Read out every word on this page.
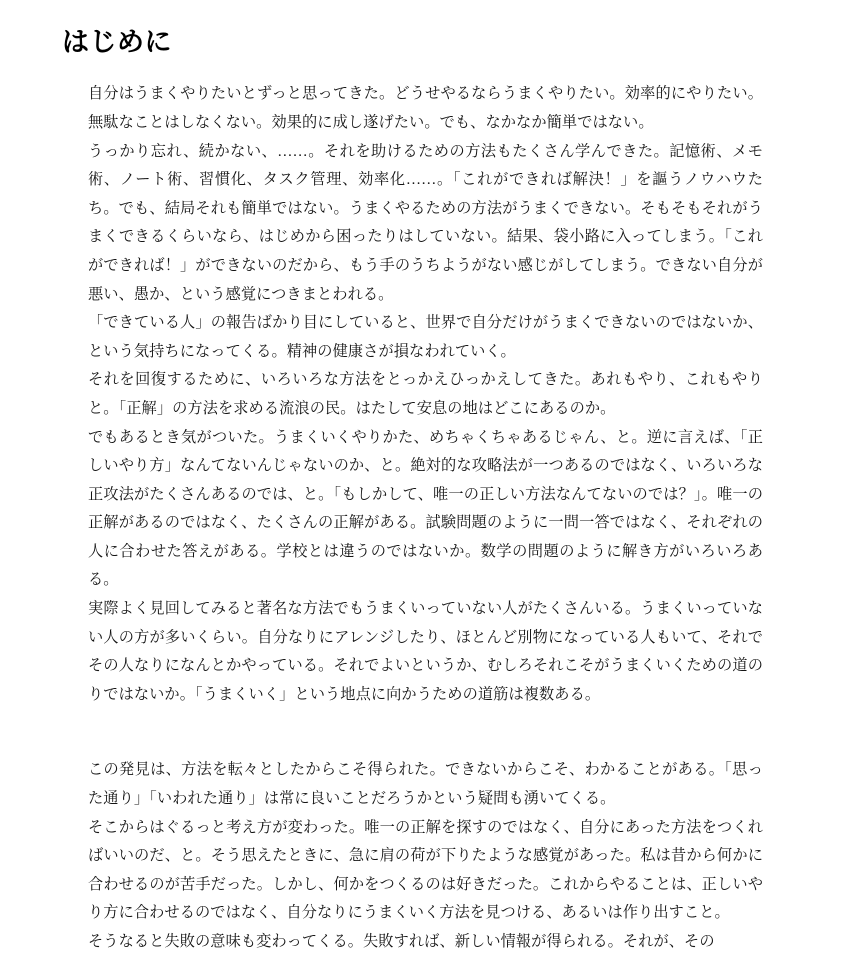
はじめに

自分はうまくやりたいとずっと思ってきた。どうせやるならうまくやりたい。効率的にやりたい。無駄なことはしなくない。効果的に成し遂げたい。でも、なかなか簡単ではない。

うっかり忘れ、続かない、……。それを助けるための方法もたくさん学んできた。記憶術、メモ術、ノート術、習慣化、タスク管理、効率化……。「これができれば解決！」を謳うノウハウたち。でも、結局それも簡単ではない。うまくやるための方法がうまくできない。そもそもそれがうまくできるくらいなら、はじめから困ったりはしていない。結果、袋小路に入ってしまう。「これができれば！」ができないのだから、もう手のうちようがない感じがしてしまう。できない自分が悪い、愚か、という感覚につきまとわれる。

「できている人」の報告ばかり目にしていると、世界で自分だけがうまくできないのではないか、という気持ちになってくる。精神の健康さが損なわれていく。

それを回復するために、いろいろな方法をとっかえひっかえしてきた。あれもやり、これもやりと。「正解」の方法を求める流浪の民。はたして安息の地はどこにあるのか。

でもあるとき気がついた。うまくいくやりかた、めちゃくちゃあるじゃん、と。逆に言えば、「正しいやり方」なんてないんじゃないのか、と。絶対的な攻略法が一つあるのではなく、いろいろな正攻法がたくさんあるのでは、と。「もしかして、唯一の正しい方法なんてないのでは？」。唯一の正解があるのではなく、たくさんの正解がある。試験問題のように一問一答ではなく、それぞれの人に合わせた答えがある。学校とは違うのではないか。数学の問題のように解き方がいろいろある。

実際よく見回してみると著名な方法でもうまくいっていない人がたくさんいる。うまくいっていない人の方が多いくらい。自分なりにアレンジしたり、ほとんど別物になっている人もいて、それでその人なりになんとかやっている。それでよいというか、むしろそれこそがうまくいくための道のりではないか。「うまくいく」という地点に向かうための道筋は複数ある。

この発見は、方法を転々としたからこそ得られた。できないからこそ、わかることがある。「思った通り」「いわれた通り」は常に良いことだろうかという疑問も湧いてくる。

そこからはぐるっと考え方が変わった。唯一の正解を探すのではなく、自分にあった方法をつくればいいのだ、と。そう思えたときに、急に肩の荷が下りたような感覚があった。私は昔から何かに合わせるのが苦手だった。しかし、何かをつくるのは好きだった。これからやることは、正しいやり方に合わせるのではなく、自分なりにうまくいく方法を見つける、あるいは作り出すこと。

そうなると失敗の意味も変わってくる。失敗すれば、新しい情報が得られる。それが、その
